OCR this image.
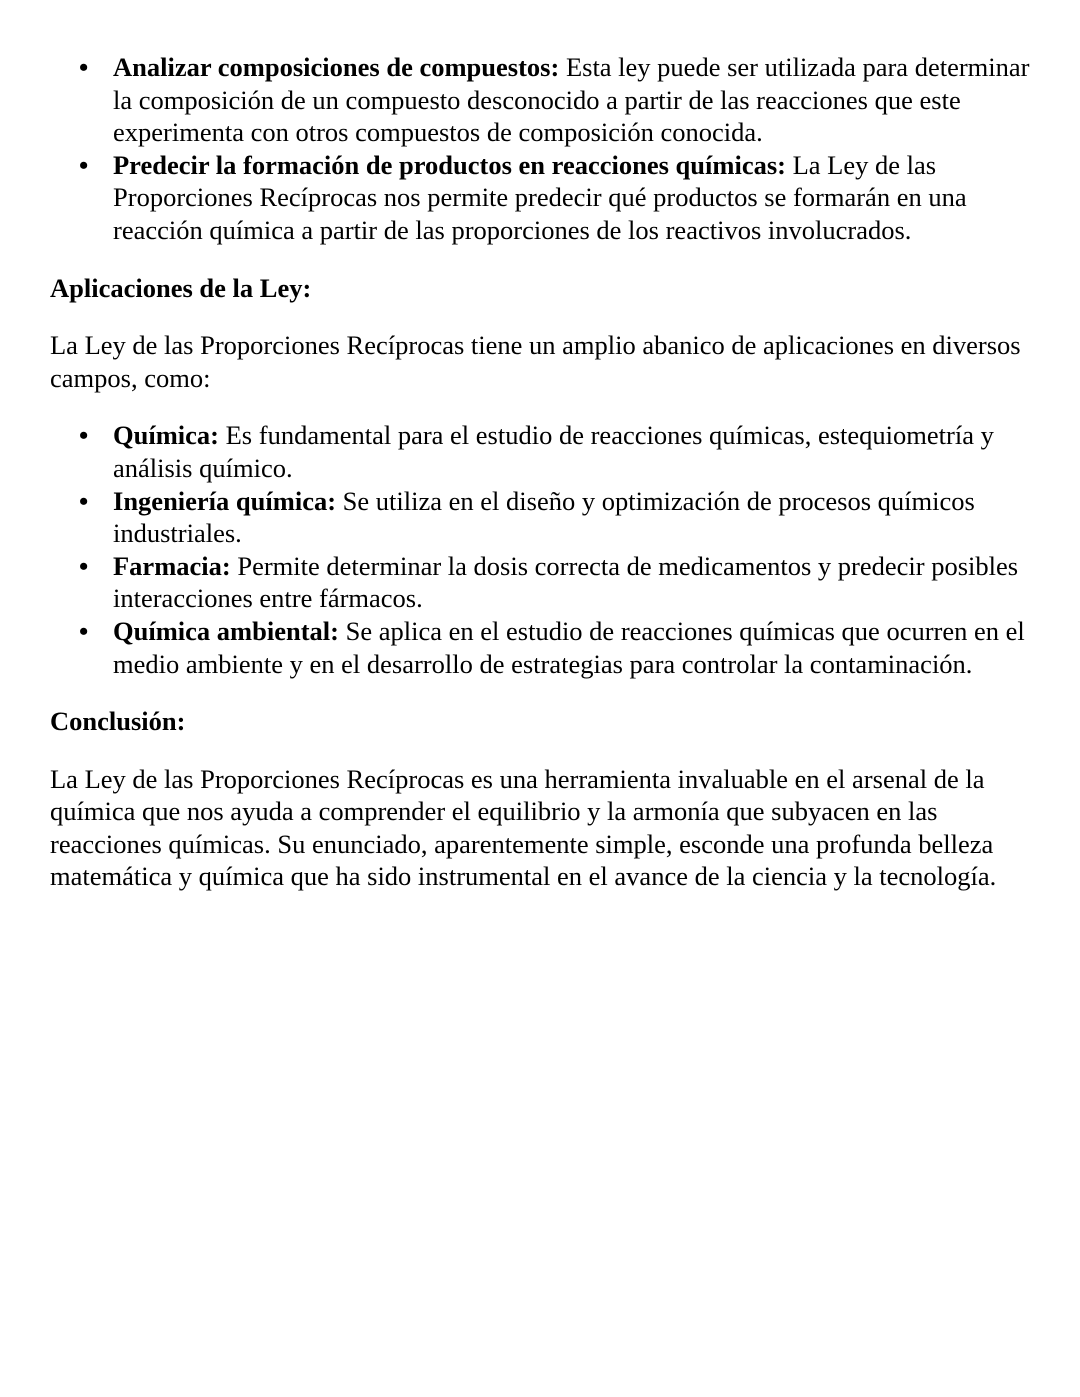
• Analizar composiciones de compuestos: Esta ley puede ser utilizada para determinar la composición de un compuesto desconocido a partir de las reacciones que este experimenta con otros compuestos de composición conocida.
• Predecir la formación de productos en reacciones químicas: La Ley de las Proporciones Recíprocas nos permite predecir qué productos se formarán en una reacción química a partir de las proporciones de los reactivos involucrados.
Aplicaciones de la Ley:

La Ley de las Proporciones Recíprocas tiene un amplio abanico de aplicaciones en diversos campos, como:

• Química: Es fundamental para el estudio de reacciones químicas, estequiometría y análisis químico.
• Ingeniería química: Se utiliza en el diseño y optimización de procesos químicos industriales.
• Farmacia: Permite determinar la dosis correcta de medicamentos y predecir posibles interacciones entre fármacos.
• Química ambiental: Se aplica en el estudio de reacciones químicas que ocurren en el medio ambiente y en el desarrollo de estrategias para controlar la contaminación.
Conclusión:

La Ley de las Proporciones Recíprocas es una herramienta invaluable en el arsenal de la química que nos ayuda a comprender el equilibrio y la armonía que subyacen en las reacciones químicas. Su enunciado, aparentemente simple, esconde una profunda belleza matemática y química que ha sido instrumental en el avance de la ciencia y la tecnología.
